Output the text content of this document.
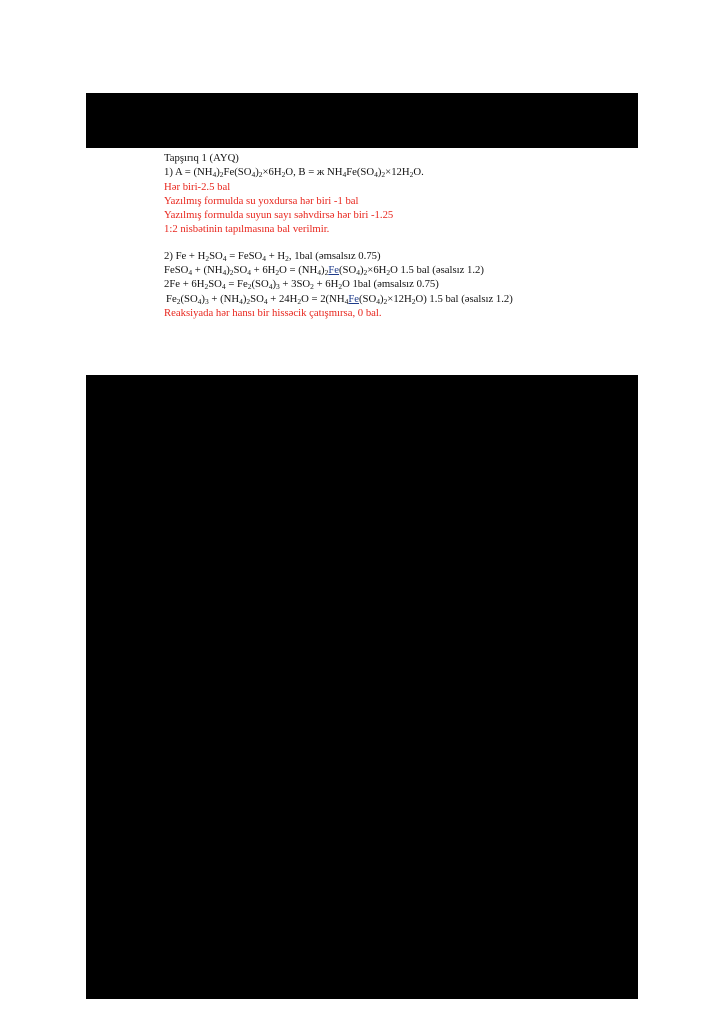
Tapşırıq 1 (AYQ)
1) $A = (NH_4)_2Fe(SO_4)_2\times 6H_2O$, B = ж $NH_4Fe(SO_4)_2\times 12H_2O$.
Hər biri-2.5 bal
Yazılmış formulda su yoxdursa hər biri -1 bal
Yazılmış formulda suyun sayı səhvdirsə hər biri -1.25
1:2 nisbətinin tapılmasına bal verilmir.
2) $Fe + H_2SO_4$ = FeSO$_4$ + $H_2$, 1bal (əmsalsız 0.75)
FeSO$_4$ + $(NH_4)_2SO_4 + 6H_2O = (NH_4)_2Fe(SO_4)_2\times 6H_2O$ 1.5 bal (əsalsız 1.2)
$2Fe + 6H_2SO_4 = Fe_2(SO_4)_3 + 3SO_2 + 6H_2O$ 1bal (əmsalsız 0.75)
$Fe_2(SO_4)_3 + (NH_4)_2SO_4 + 24H_2O = 2(NH_4Fe(SO_4)_2\times 12H_2O)$ 1.5 bal (əsalsız 1.2)
Reaksiyada hər hansı bir hissəcik çatışmırsa, 0 bal.
